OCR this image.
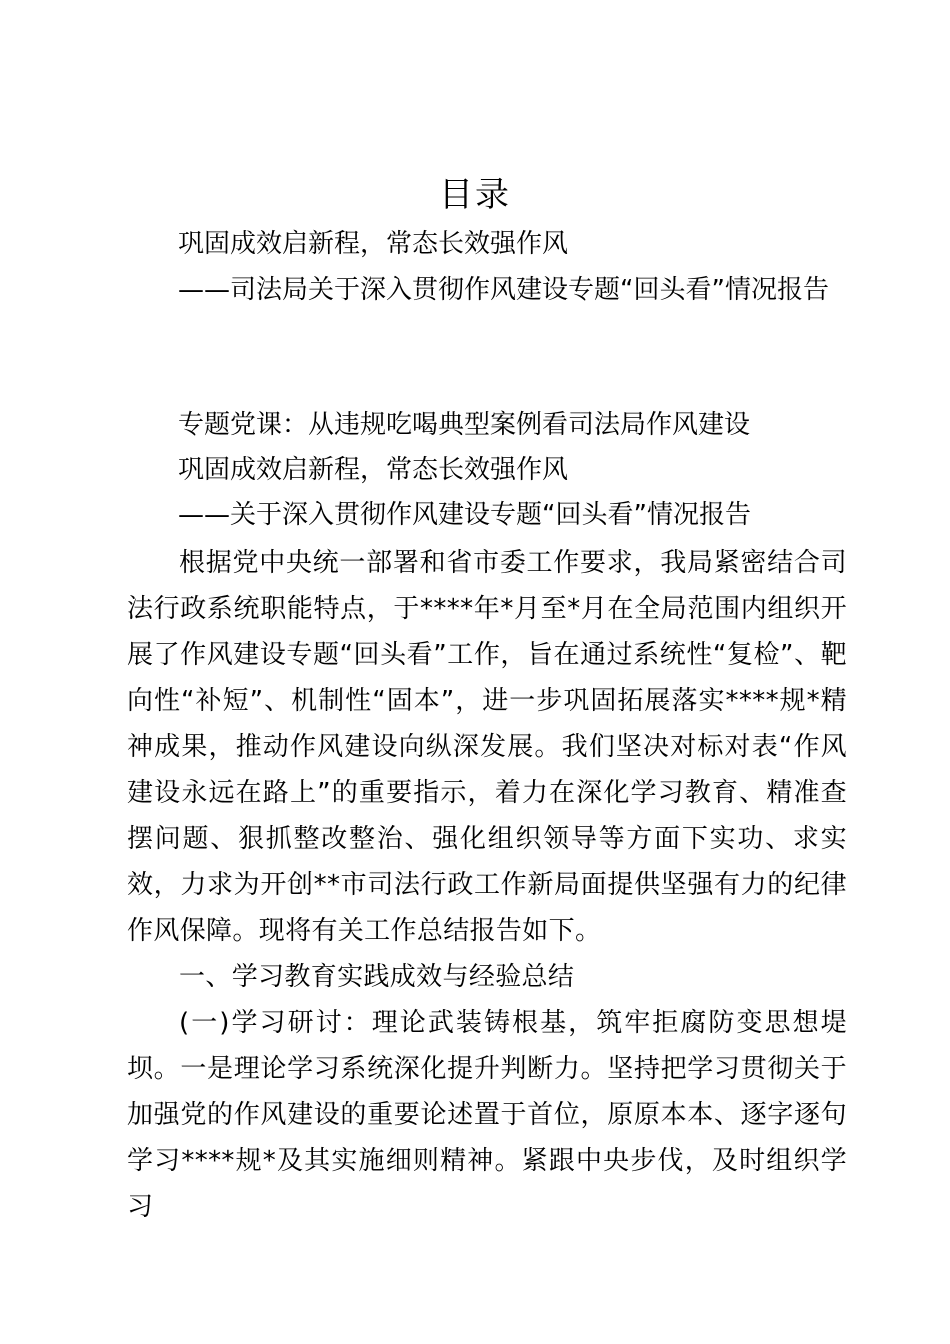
目录
巩固成效启新程，常态长效强作风
——司法局关于深入贯彻作风建设专题“回头看”情况报告
专题党课：从违规吃喝典型案例看司法局作风建设
巩固成效启新程，常态长效强作风
——关于深入贯彻作风建设专题“回头看”情况报告

根据党中央统一部署和省市委工作要求，我局紧密结合司法行政系统职能特点，于****年*月至*月在全局范围内组织开展了作风建设专题“回头看”工作，旨在通过系统性“复检”、靶向性“补短”、机制性“固本”，进一步巩固拓展落实****规*精神成果，推动作风建设向纵深发展。我们坚决对标对表“作风建设永远在路上”的重要指示，着力在深化学习教育、精准查摆问题、狠抓整改整治、强化组织领导等方面下实功、求实效，力求为开创**市司法行政工作新局面提供坚强有力的纪律作风保障。现将有关工作总结报告如下。

一、学习教育实践成效与经验总结

(一)学习研讨：理论武装铸根基，筑牢拒腐防变思想堤坝。一是理论学习系统深化提升判断力。坚持把学习贯彻关于加强党的作风建设的重要论述置于首位，原原本本、逐字逐句学习****规*及其实施细则精神。紧跟中央步伐，及时组织学习
